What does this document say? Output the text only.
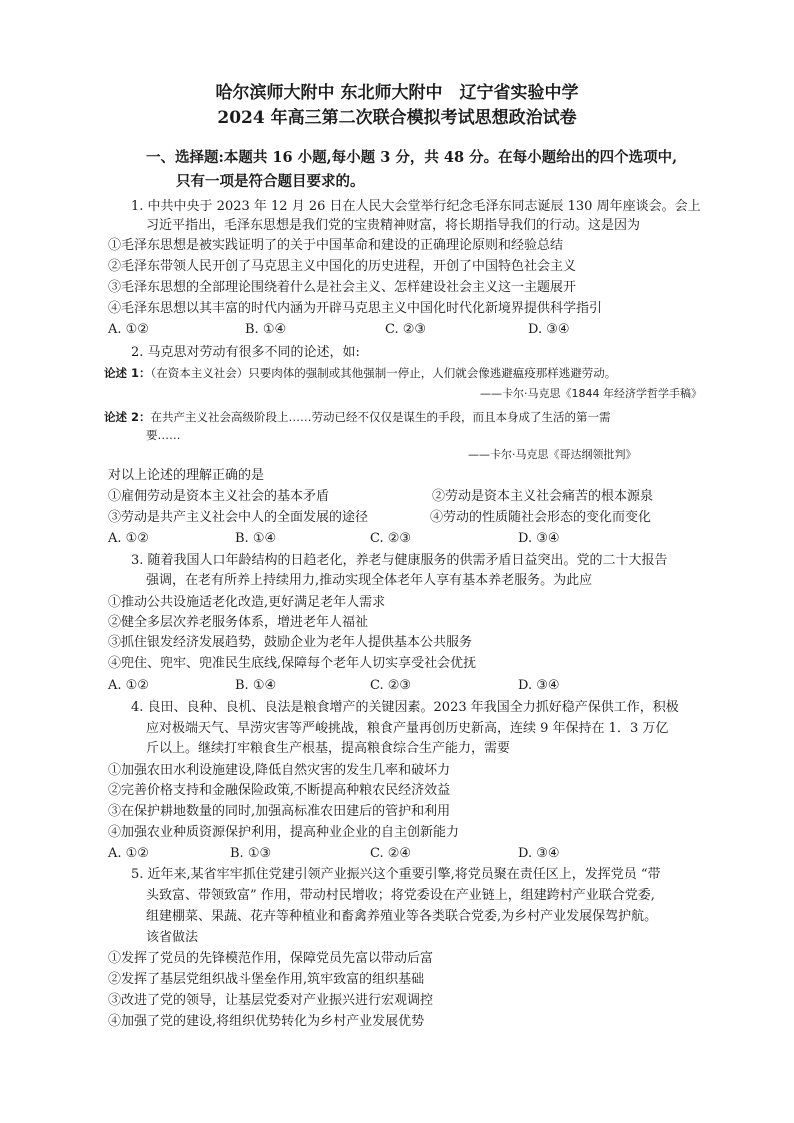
哈尔滨师大附中 东北师大附中　辽宁省实验中学
2024 年高三第二次联合模拟考试思想政治试卷
一、选择题:本题共 16 小题,每小题 3 分，共 48 分。在每小题给出的四个选项中,
只有一项是符合题目要求的。
1. 中共中央于 2023 年 12 月 26 日在人民大会堂举行纪念毛泽东同志诞辰 130 周年座谈会。会上
习近平指出，毛泽东思想是我们党的宝贵精神财富，将长期指导我们的行动。这是因为
①毛泽东思想是被实践证明了的关于中国革命和建设的正确理论原则和经验总结
②毛泽东带领人民开创了马克思主义中国化的历史进程，开创了中国特色社会主义
③毛泽东思想的全部理论围绕着什么是社会主义、怎样建设社会主义这一主题展开
④毛泽东思想以其丰富的时代内涵为开辟马克思主义中国化时代化新境界提供科学指引
A. ①②	B. ①④	C. ②③	D. ③④
2. 马克思对劳动有很多不同的论述，如:
论述 1：（在资本主义社会）只要肉体的强制或其他强制一停止，人们就会像逃避瘟疫那样逃避劳动。
——卡尔·马克思《1844 年经济学哲学手稿》
论述 2：在共产主义社会高级阶段上……劳动已经不仅仅是谋生的手段，而且本身成了生活的第一需
要……
——卡尔·马克思《哥达纲领批判》
对以上论述的理解正确的是
①雇佣劳动是资本主义社会的基本矛盾	②劳动是资本主义社会痛苦的根本源泉
③劳动是共产主义社会中人的全面发展的途径	④劳动的性质随社会形态的变化而变化
A. ①②	B. ①④	C. ②③	D. ③④
3. 随着我国人口年龄结构的日趋老化，养老与健康服务的供需矛盾日益突出。党的二十大报告
强调，在老有所养上持续用力,推动实现全体老年人享有基本养老服务。为此应
①推动公共设施适老化改造,更好满足老年人需求
②健全多层次养老服务体系，增进老年人福祉
③抓住银发经济发展趋势，鼓励企业为老年人提供基本公共服务
④兜住、兜牢、兜准民生底线,保障每个老年人切实享受社会优抚
A. ①②	B. ①④	C. ②③	D. ③④
4. 良田、良种、良机、良法是粮食增产的关键因素。2023 年我国全力抓好稳产保供工作，积极
应对极端天气、旱涝灾害等严峻挑战，粮食产量再创历史新高，连续 9 年保持在 1．3 万亿
斤以上。继续打牢粮食生产根基，提高粮食综合生产能力，需要
①加强农田水利设施建设,降低自然灾害的发生几率和破坏力
②完善价格支持和金融保险政策,不断提高种粮农民经济效益
③在保护耕地数量的同时,加强高标准农田建后的管护和利用
④加强农业种质资源保护利用，提高种业企业的自主创新能力
A. ①②	B. ①③	C. ②④	D. ③④
5. 近年来,某省牢牢抓住党建引领产业振兴这个重要引擎,将党员聚在责任区上，发挥党员 “带
头致富、带领致富” 作用，带动村民增收；将党委设在产业链上，组建跨村产业联合党委,
组建棚菜、果蔬、花卉等种植业和畜禽养殖业等各类联合党委,为乡村产业发展保驾护航。
该省做法
①发挥了党员的先锋模范作用，保障党员先富以带动后富
②发挥了基层党组织战斗堡垒作用,筑牢致富的组织基础
③改进了党的领导，让基层党委对产业振兴进行宏观调控
④加强了党的建设,将组织优势转化为乡村产业发展优势
